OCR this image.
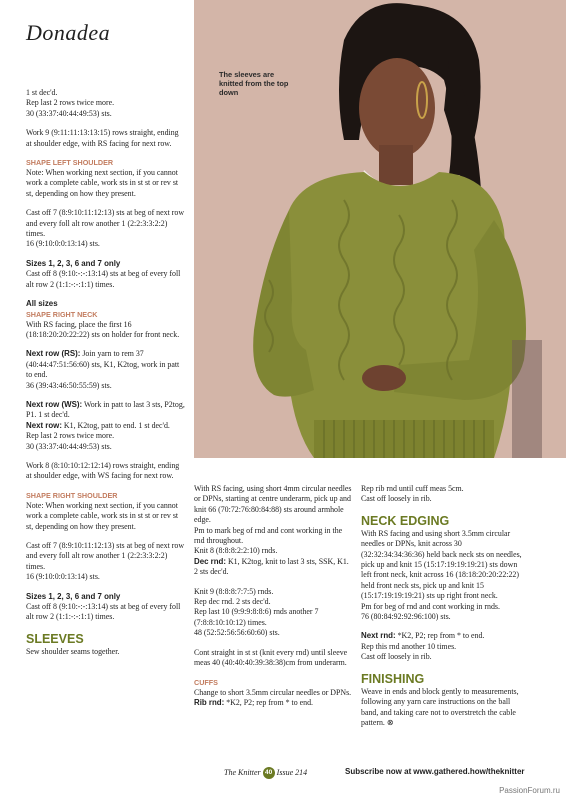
Donadea
The sleeves are knitted from the top down

1 st dec'd.

Rep last 2 rows twice more.

30 (33:37:40:44:49:53) sts.

Work 9 (9:11:11:13:13:15) rows straight, ending at shoulder edge, with RS facing for next row.

SHAPE LEFT SHOULDER

Note: When working next section, if you cannot work a complete cable, work sts in st st or rev st st, depending on how they present.

Cast off 7 (8:9:10:11:12:13) sts at beg of next row and every foll alt row another 1 (2:2:3:3:2:2) times.

16 (9:10:0:0:13:14) sts.

Sizes 1, 2, 3, 6 and 7 only

Cast off 8 (9:10:-:-:13:14) sts at beg of every foll alt row 2 (1:1:-:-:1:1) times.

All sizes

SHAPE RIGHT NECK

With RS facing, place the first 16 (18:18:20:20:22:22) sts on holder for front neck.

Next row (RS): Join yarn to rem 37 (40:44:47:51:56:60) sts, K1, K2tog, work in patt to end.

36 (39:43:46:50:55:59) sts.

Next row (WS): Work in patt to last 3 sts, P2tog, P1. 1 st dec'd.

Next row: K1, K2tog, patt to end. 1 st dec'd.

Rep last 2 rows twice more.

30 (33:37:40:44:49:53) sts.

Work 8 (8:10:10:12:12:14) rows straight, ending at shoulder edge, with WS facing for next row.

SHAPE RIGHT SHOULDER

Note: When working next section, if you cannot work a complete cable, work sts in st st or rev st st, depending on how they present.

Cast off 7 (8:9:10:11:12:13) sts at beg of next row and every foll alt row another 1 (2:2:3:3:2:2) times.

16 (9:10:0:0:13:14) sts.

Sizes 1, 2, 3, 6 and 7 only

Cast off 8 (9:10:-:-:13:14) sts at beg of every foll alt row 2 (1:1:-:-:1:1) times.

SLEEVES

Sew shoulder seams together.

With RS facing, using short 4mm circular needles or DPNs, starting at centre underarm, pick up and knit 66 (70:72:76:80:84:88) sts around armhole edge.

Pm to mark beg of rnd and cont working in the rnd throughout.

Knit 8 (8:8:8:2:2:10) rnds.

Dec rnd: K1, K2tog, knit to last 3 sts, SSK, K1. 2 sts dec'd.

Knit 9 (8:8:8:7:7:5) rnds.

Rep dec rnd. 2 sts dec'd.

Rep last 10 (9:9:9:8:8:6) rnds another 7 (7:8:8:10:10:12) times.

48 (52:52:56:56:60:60) sts.

Cont straight in st st (knit every rnd) until sleeve meas 40 (40:40:40:39:38:38)cm from underarm.

CUFFS

Change to short 3.5mm circular needles or DPNs.

Rib rnd: *K2, P2; rep from * to end.

Rep rib rnd until cuff meas 5cm.

Cast off loosely in rib.

NECK EDGING

With RS facing and using short 3.5mm circular needles or DPNs, knit across 30 (32:32:34:34:36:36) held back neck sts on needles, pick up and knit 15 (15:17:19:19:19:21) sts down left front neck, knit across 16 (18:18:20:20:22:22) held front neck sts, pick up and knit 15 (15:17:19:19:19:21) sts up right front neck.

Pm for beg of rnd and cont working in rnds.

76 (80:84:92:92:96:100) sts.

Next rnd: *K2, P2; rep from * to end.

Rep this rnd another 10 times.

Cast off loosely in rib.

FINISHING

Weave in ends and block gently to measurements, following any yarn care instructions on the ball band, and taking care not to overstretch the cable pattern. ⊗

The Knitter 40 Issue 214	Subscribe now at www.gathered.how/theknitter
PassionForum.ru
